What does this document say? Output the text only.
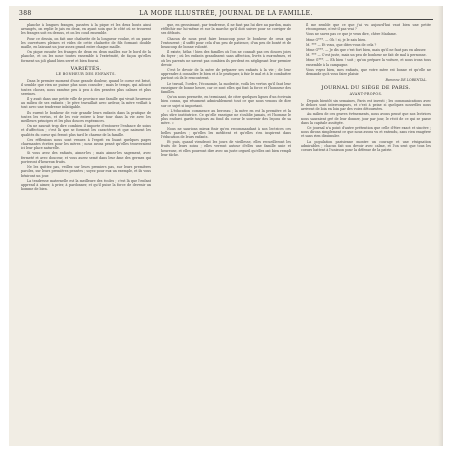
388	LA MODE ILLUSTRÉE, JOURNAL DE LA FAMILLE.

planche à longues franges, passées à la pique et les deux bouts ainsi arrangés, on replie le jais en deux, en ayant soin que le côté où se trouvent les franges soit en dessus, et on les coud ensemble.

Pour ce dessin, on fait une chaînette de la longueur voulue, et on passe les ouvertures pleines et vides de cette chaînette de fils formant double maille, en laissant un jour assez grand entre chaque maille.

On pique ensuite les franges de deux en deux mailles sur le bord de la planche, et on les noue toutes ensemble à l'extrémité, de façon qu'elles forment un joli gland bien serré et bien fourni.

VARIÉTÉS.
LE BONHEUR DES ENFANTS.

Dans le premier moment d'une grande douleur, quand le coeur est brisé, il semble que rien ne puisse plus nous consoler ; mais le temps, qui adoucit toutes choses, nous ramène peu à peu à des pensées plus calmes et plus sereines.

Il y avait dans une petite ville de province une famille qui vivait heureuse au milieu de ses enfants ; le père travaillait avec ardeur, la mère veillait à tout avec une tendresse infatigable.

Ils eurent le bonheur de voir grandir leurs enfants dans la pratique de toutes les vertus, et de les voir entrer à leur tour dans la vie avec les meilleurs principes et les plus douces espérances.

On ne saurait trop dire combien il importe d'entourer l'enfance de soins et d'affection ; c'est là que se forment les caractères et que naissent les qualités du coeur qui feront plus tard le charme de la famille.

Ces réflexions nous sont venues à l'esprit en lisant quelques pages charmantes écrites pour les mères ; nous avons pensé qu'elles trouveraient ici leur place naturelle.

Si vous avez des enfants, aimez-les ; mais aimez-les sagement, avec fermeté et avec douceur, et vous aurez semé dans leur âme des germes qui porteront d'heureux fruits.

Ne les quittez pas, veillez sur leurs premiers pas, sur leurs premières paroles, sur leurs premières pensées ; soyez pour eux un exemple, et ils vous béniront un jour.

La tendresse maternelle est la meilleure des écoles ; c'est là que l'enfant apprend à aimer, à prier, à pardonner, et qu'il puise la force de devenir un homme de bien.

que, en grossissant, par tendresse, il ne faut pas lui dire au pardon, mais réfléchir sur lui-même et sur la marche qu'il doit suivre pour se corriger de ses défauts.

Chacun de nous peut faire beaucoup pour le bonheur de ceux qui l'entourent ; il suffit pour cela d'un peu de patience, d'un peu de bonté et de beaucoup de bonne volonté.

Il existe, hélas ! bien des familles où l'on ne connaît pas ces douces joies du foyer ; où les enfants grandissent sans affection, livrés à eux-mêmes, et où les parents ne savent pas combien ils perdent en négligeant leur premier devoir.

C'est le devoir de la mère de préparer ses enfants à la vie ; de leur apprendre à connaître le bien et à le pratiquer, à fuir le mal et à le combattre partout où ils le rencontrent.

Le travail, l'ordre, l'économie, la modestie, voilà les vertus qu'il faut leur enseigner de bonne heure, car ce sont elles qui font la force et l'honneur des familles.

Qu'on nous permette, en terminant, de citer quelques lignes d'un écrivain bien connu, qui résument admirablement tout ce que nous venons de dire sur ce sujet si important.

« L'éducation commence au berceau ; la mère en est la première et la plus sûre institutrice. Ce qu'elle enseigne ne s'oublie jamais, et l'homme le plus endurci garde toujours au fond du coeur le souvenir des leçons de sa mère. »

Nous ne saurions mieux finir qu'en recommandant à nos lectrices ces belles paroles ; qu'elles les méditent et qu'elles s'en inspirent dans l'éducation de leurs enfants.

Et puis, quand viendront les jours de vieillesse, elles recueilleront les fruits de leurs soins ; elles verront autour d'elles une famille unie et heureuse, et elles pourront dire avec un juste orgueil qu'elles ont bien rempli leur tâche.

Il me semble que ce que j'ai vu aujourd'hui vaut bien une petite récompense, n'est-il pas vrai ?

Vous ne savez pas ce que je veux dire, chère Madame.

Mme G***. — Oh ! si, je le sais bien.

M. *** — Et vous, que dites-vous de cela ?

Mme G***. — Je dis que c'est fort bien, mais qu'il ne faut pas en abuser.

M. *** — C'est juste, mais un peu de bonheur ne fait de mal à personne.

Mme G***. — Eh bien ! soit ; qu'on prépare la voiture, et nous irons tous ensemble à la campagne.

Vous voyez bien, mes enfants, que votre mère est bonne et qu'elle ne demande qu'à vous faire plaisir.

Baronne DE LOBENTAL.

JOURNAL DU SIÈGE DE PARIS.
AVANT-PROPOS.

Depuis bientôt six semaines, Paris est investi ; les communications avec le dehors sont interrompues, et c'est à peine si quelques nouvelles nous arrivent de loin en loin par des voies détournées.

Au milieu de ces graves événements, nous avons pensé que nos lectrices nous sauraient gré de leur donner, jour par jour, le récit de ce qui se passe dans la capitale assiégée.

Ce journal n'a point d'autre prétention que celle d'être exact et sincère ; nous dirons simplement ce que nous avons vu et entendu, sans rien exagérer et sans rien dissimuler.

La population parisienne montre un courage et une résignation admirables ; chacun fait son devoir avec calme, et l'on sent que tous les coeurs battent à l'unisson pour la défense de la patrie.
